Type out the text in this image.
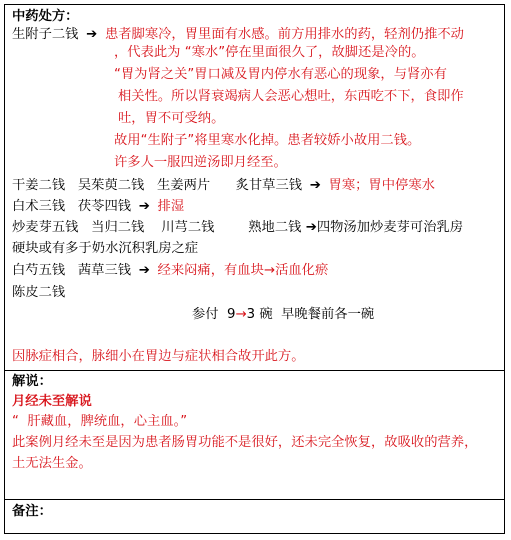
中药处方：
生附子二钱 ➔ 患者脚寒冷，胃里面有水感。前方用排水的药，轻剂仍推不动
，代表此为 “寒水”停在里面很久了，故脚还是冷的。
“胃为肾之关”胃口减及胃内停水有恶心的现象，与肾亦有
相关性。所以肾衰竭病人会恶心想吐，东西吃不下，食即作
吐，胃不可受纳。
故用“生附子”将里寒水化掉。患者较娇小故用二钱。
许多人一服四逆汤即月经至。
干姜二钱   吴茱萸二钱   生姜两片      炙甘草三钱 ➔ 胃寒；胃中停寒水
白术三钱   茯苓四钱 ➔ 排湿
炒麦芽五钱   当归二钱    川芎二钱        熟地二钱 ➔四物汤加炒麦芽可治乳房
硬块或有多于奶水沉积乳房之症
白芍五钱   茜草三钱 ➔ 经来闷痛，有血块→活血化瘀
陈皮二钱
参付  9→3 碗  早晚餐前各一碗
因脉症相合，脉细小在胃边与症状相合故开此方。
解说：
月经未至解说
“  肝藏血，脾统血，心主血。”
此案例月经未至是因为患者肠胃功能不是很好，还未完全恢复，故吸收的营养，
土无法生金。
备注：
